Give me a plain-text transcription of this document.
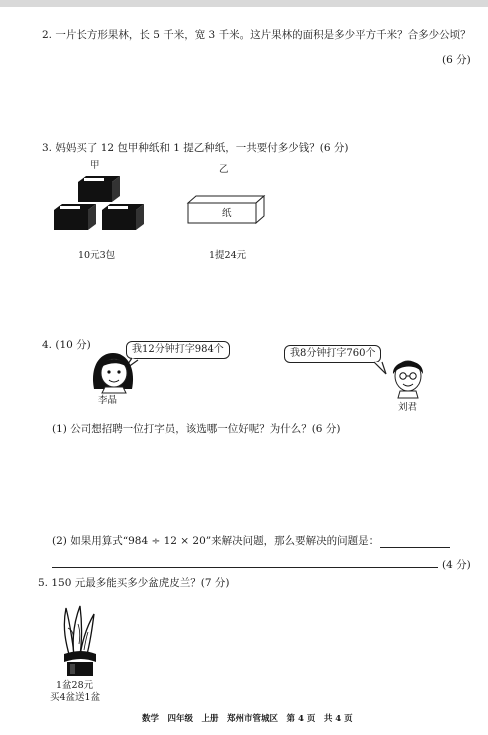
2. 一片长方形果林，长 5 千米，宽 3 千米。这片果林的面积是多少平方千米？合多少公顷？
(6 分)
3. 妈妈买了 12 包甲种纸和 1 提乙种纸，一共要付多少钱？(6 分)
甲	乙
纸
10元3包	1提24元
4. (10 分)	我12分钟打字984个	我8分钟打字760个
李晶
刘君
(1) 公司想招聘一位打字员，该选哪一位好呢？为什么？(6 分)
(2) 如果用算式“984 ÷ 12 × 20”来解决问题，那么要解决的问题是：
(4 分)
5. 150 元最多能买多少盆虎皮兰？(7 分)
1盆28元
买4盆送1盆
数学　四年级　上册　郑州市管城区　第 4 页　共 4 页
